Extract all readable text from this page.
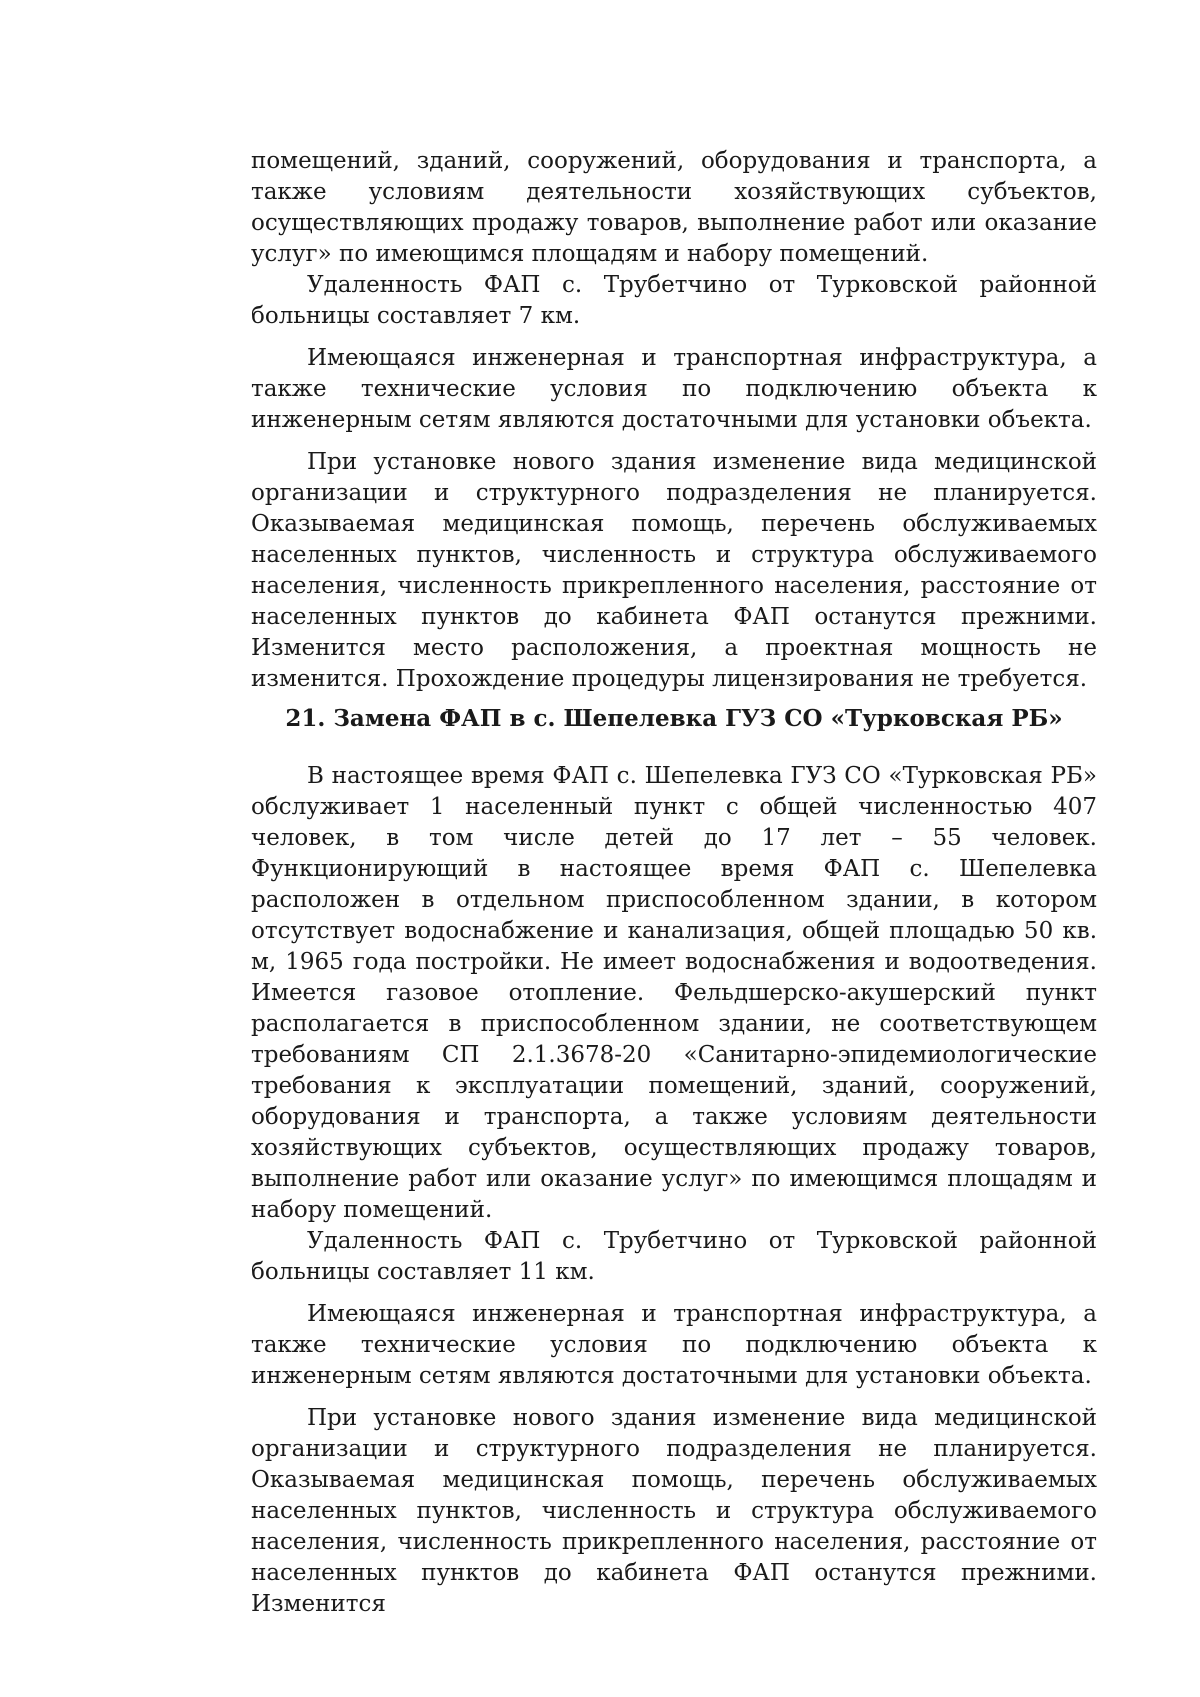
помещений, зданий, сооружений, оборудования и транспорта, а также условиям деятельности хозяйствующих субъектов, осуществляющих продажу товаров, выполнение работ или оказание услуг» по имеющимся площадям и набору помещений.

Удаленность ФАП с. Трубетчино от Турковской районной больницы составляет 7 км.

Имеющаяся инженерная и транспортная инфраструктура, а также технические условия по подключению объекта к инженерным сетям являются достаточными для установки объекта.

При установке нового здания изменение вида медицинской организации и структурного подразделения не планируется. Оказываемая медицинская помощь, перечень обслуживаемых населенных пунктов, численность и структура обслуживаемого населения, численность прикрепленного населения, расстояние от населенных пунктов до кабинета ФАП останутся прежними. Изменится место расположения, а проектная мощность не изменится. Прохождение процедуры лицензирования не требуется.

21. Замена ФАП в с. Шепелевка ГУЗ СО «Турковская РБ»

В настоящее время ФАП с. Шепелевка ГУЗ СО «Турковская РБ» обслуживает 1 населенный пункт с общей численностью 407 человек, в том числе детей до 17 лет – 55 человек. Функционирующий в настоящее время ФАП с. Шепелевка расположен в отдельном приспособленном здании, в котором отсутствует водоснабжение и канализация, общей площадью 50 кв. м, 1965 года постройки. Не имеет водоснабжения и водоотведения. Имеется газовое отопление. Фельдшерско-акушерский пункт располагается в приспособленном здании, не соответствующем требованиям СП 2.1.3678-20 «Санитарно-эпидемиологические требования к эксплуатации помещений, зданий, сооружений, оборудования и транспорта, а также условиям деятельности хозяйствующих субъектов, осуществляющих продажу товаров, выполнение работ или оказание услуг» по имеющимся площадям и набору помещений.

Удаленность ФАП с. Трубетчино от Турковской районной больницы составляет 11 км.

Имеющаяся инженерная и транспортная инфраструктура, а также технические условия по подключению объекта к инженерным сетям являются достаточными для установки объекта.

При установке нового здания изменение вида медицинской организации и структурного подразделения не планируется. Оказываемая медицинская помощь, перечень обслуживаемых населенных пунктов, численность и структура обслуживаемого населения, численность прикрепленного населения, расстояние от населенных пунктов до кабинета ФАП останутся прежними. Изменится
